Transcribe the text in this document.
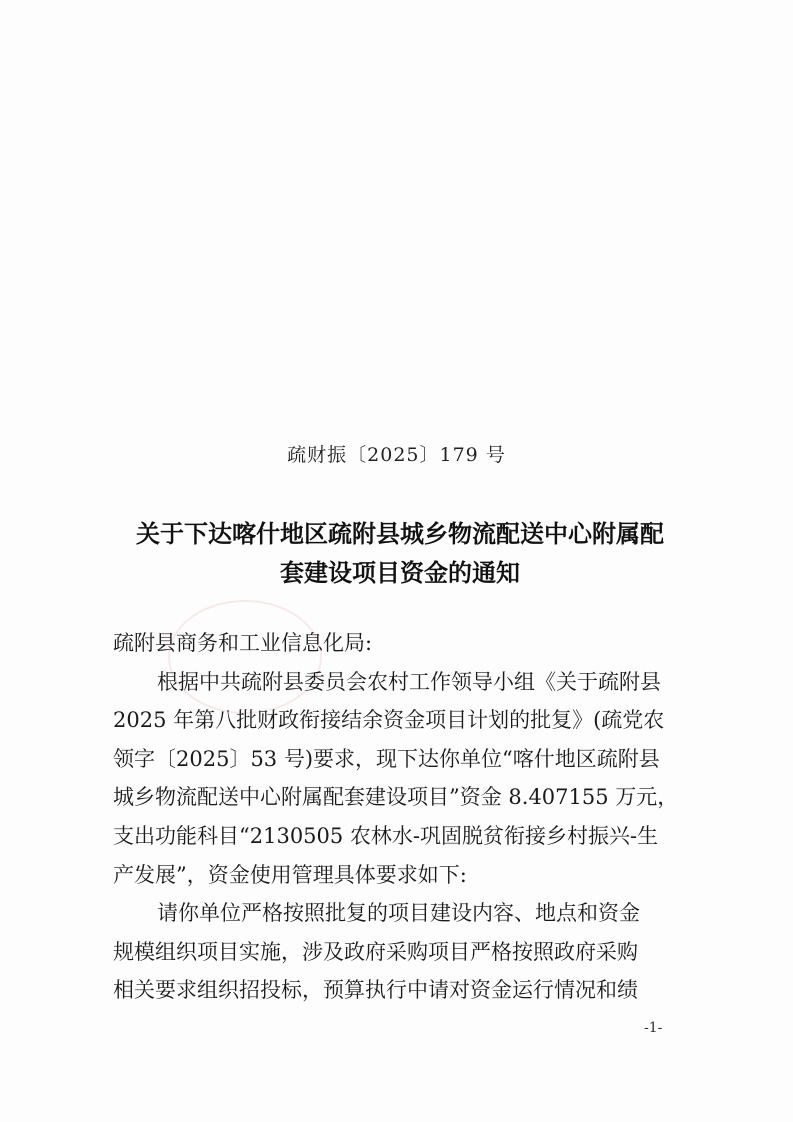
疏财振〔2025〕179 号
关于下达喀什地区疏附县城乡物流配送中心附属配
套建设项目资金的通知
疏附县商务和工业信息化局:
根据中共疏附县委员会农村工作领导小组《关于疏附县
2025 年第八批财政衔接结余资金项目计划的批复》(疏党农
领字〔2025〕53 号)要求，现下达你单位“喀什地区疏附县
城乡物流配送中心附属配套建设项目”资金 8.407155 万元，
支出功能科目“2130505 农林水-巩固脱贫衔接乡村振兴-生
产发展”，资金使用管理具体要求如下:
请你单位严格按照批复的项目建设内容、地点和资金
规模组织项目实施，涉及政府采购项目严格按照政府采购
相关要求组织招投标，预算执行中请对资金运行情况和绩
-1-
